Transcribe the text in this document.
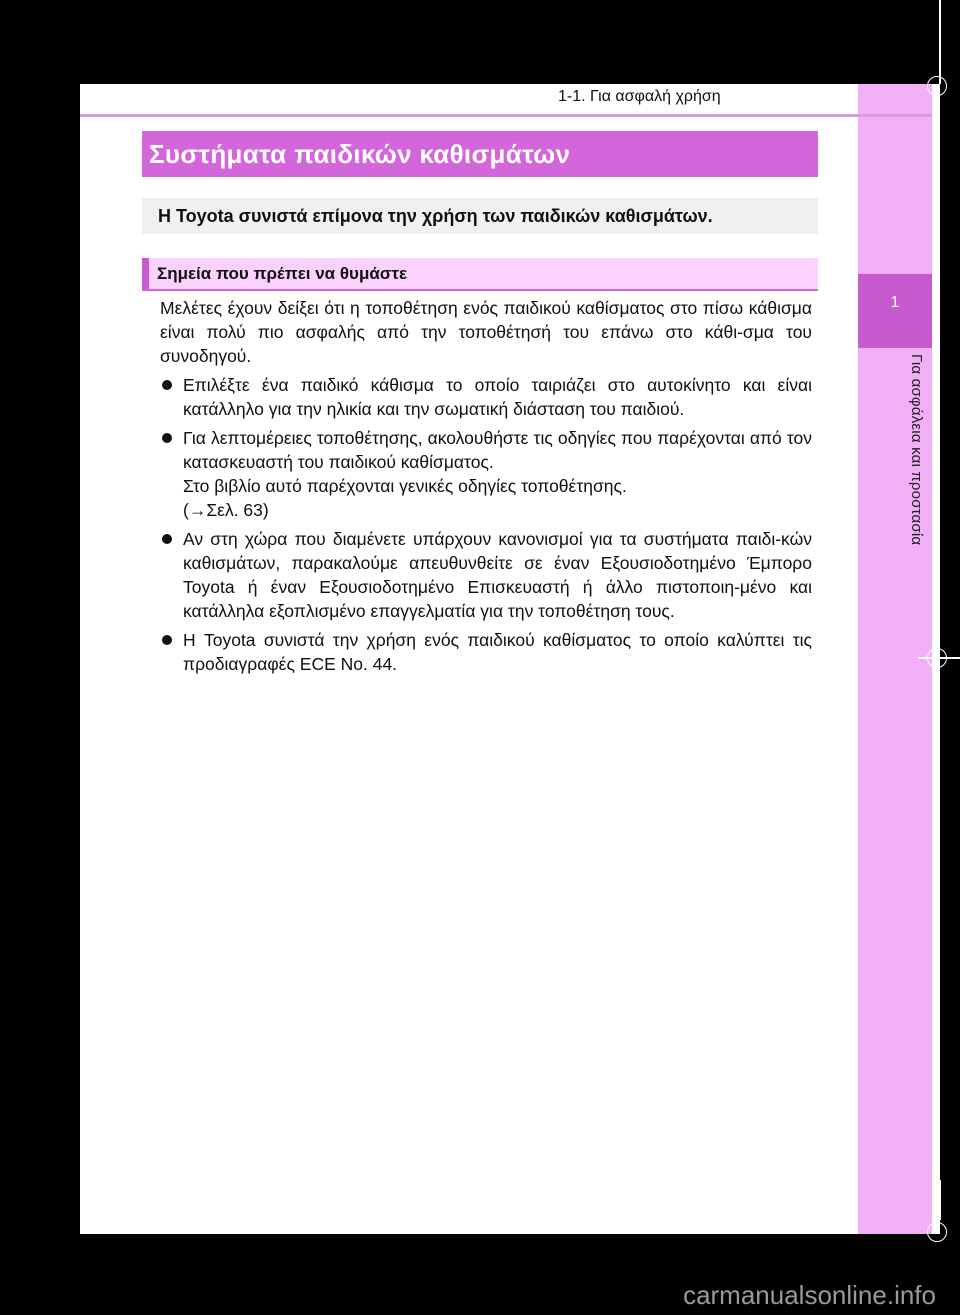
1
Για ασφάλεια και προστασία
1-1. Για ασφαλή χρήση
Συστήματα παιδικών καθισμάτων
Η Toyota συνιστά επίμονα την χρήση των παιδικών καθισμάτων.
Σημεία που πρέπει να θυμάστε

Μελέτες έχουν δείξει ότι η τοποθέτηση ενός παιδικού καθίσματος στο πίσω κάθισμα είναι πολύ πιο ασφαλής από την τοποθέτησή του επάνω στο κάθι-σμα του συνοδηγού.

Επιλέξτε ένα παιδικό κάθισμα το οποίο ταιριάζει στο αυτοκίνητο και είναι κατάλληλο για την ηλικία και την σωματική διάσταση του παιδιού.
Για λεπτομέρειες τοποθέτησης, ακολουθήστε τις οδηγίες που παρέχονται από τον κατασκευαστή του παιδικού καθίσματος.
Στο βιβλίο αυτό παρέχονται γενικές οδηγίες τοποθέτησης.
(→Σελ. 63)
Αν στη χώρα που διαμένετε υπάρχουν κανονισμοί για τα συστήματα παιδι-κών καθισμάτων, παρακαλούμε απευθυνθείτε σε έναν Εξουσιοδοτημένο Έμπορο Toyota ή έναν Εξουσιοδοτημένο Επισκευαστή ή άλλο πιστοποιη-μένο και κατάλληλα εξοπλισμένο επαγγελματία για την τοποθέτηση τους.
Η Toyota συνιστά την χρήση ενός παιδικού καθίσματος το οποίο καλύπτει τις προδιαγραφές ECE No. 44.
carmanualsonline.info
